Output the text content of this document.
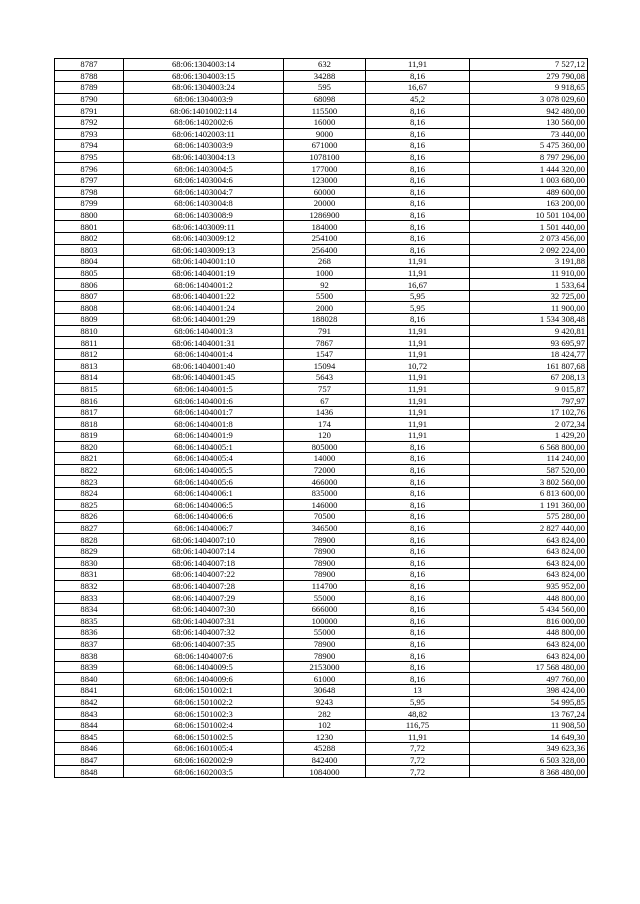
8787	68:06:1304003:14	632	11,91	7 527,12
8788	68:06:1304003:15	34288	8,16	279 790,08
8789	68:06:1304003:24	595	16,67	9 918,65
8790	68:06:1304003:9	68098	45,2	3 078 029,60
8791	68:06:1401002:114	115500	8,16	942 480,00
8792	68:06:1402002:6	16000	8,16	130 560,00
8793	68:06:1402003:11	9000	8,16	73 440,00
8794	68:06:1403003:9	671000	8,16	5 475 360,00
8795	68:06:1403004:13	1078100	8,16	8 797 296,00
8796	68:06:1403004:5	177000	8,16	1 444 320,00
8797	68:06:1403004:6	123000	8,16	1 003 680,00
8798	68:06:1403004:7	60000	8,16	489 600,00
8799	68:06:1403004:8	20000	8,16	163 200,00
8800	68:06:1403008:9	1286900	8,16	10 501 104,00
8801	68:06:1403009:11	184000	8,16	1 501 440,00
8802	68:06:1403009:12	254100	8,16	2 073 456,00
8803	68:06:1403009:13	256400	8,16	2 092 224,00
8804	68:06:1404001:10	268	11,91	3 191,88
8805	68:06:1404001:19	1000	11,91	11 910,00
8806	68:06:1404001:2	92	16,67	1 533,64
8807	68:06:1404001:22	5500	5,95	32 725,00
8808	68:06:1404001:24	2000	5,95	11 900,00
8809	68:06:1404001:29	188028	8,16	1 534 308,48
8810	68:06:1404001:3	791	11,91	9 420,81
8811	68:06:1404001:31	7867	11,91	93 695,97
8812	68:06:1404001:4	1547	11,91	18 424,77
8813	68:06:1404001:40	15094	10,72	161 807,68
8814	68:06:1404001:45	5643	11,91	67 208,13
8815	68:06:1404001:5	757	11,91	9 015,87
8816	68:06:1404001:6	67	11,91	797,97
8817	68:06:1404001:7	1436	11,91	17 102,76
8818	68:06:1404001:8	174	11,91	2 072,34
8819	68:06:1404001:9	120	11,91	1 429,20
8820	68:06:1404005:1	805000	8,16	6 568 800,00
8821	68:06:1404005:4	14000	8,16	114 240,00
8822	68:06:1404005:5	72000	8,16	587 520,00
8823	68:06:1404005:6	466000	8,16	3 802 560,00
8824	68:06:1404006:1	835000	8,16	6 813 600,00
8825	68:06:1404006:5	146000	8,16	1 191 360,00
8826	68:06:1404006:6	70500	8,16	575 280,00
8827	68:06:1404006:7	346500	8,16	2 827 440,00
8828	68:06:1404007:10	78900	8,16	643 824,00
8829	68:06:1404007:14	78900	8,16	643 824,00
8830	68:06:1404007:18	78900	8,16	643 824,00
8831	68:06:1404007:22	78900	8,16	643 824,00
8832	68:06:1404007:28	114700	8,16	935 952,00
8833	68:06:1404007:29	55000	8,16	448 800,00
8834	68:06:1404007:30	666000	8,16	5 434 560,00
8835	68:06:1404007:31	100000	8,16	816 000,00
8836	68:06:1404007:32	55000	8,16	448 800,00
8837	68:06:1404007:35	78900	8,16	643 824,00
8838	68:06:1404007:6	78900	8,16	643 824,00
8839	68:06:1404009:5	2153000	8,16	17 568 480,00
8840	68:06:1404009:6	61000	8,16	497 760,00
8841	68:06:1501002:1	30648	13	398 424,00
8842	68:06:1501002:2	9243	5,95	54 995,85
8843	68:06:1501002:3	282	48,82	13 767,24
8844	68:06:1501002:4	102	116,75	11 908,50
8845	68:06:1501002:5	1230	11,91	14 649,30
8846	68:06:1601005:4	45288	7,72	349 623,36
8847	68:06:1602002:9	842400	7,72	6 503 328,00
8848	68:06:1602003:5	1084000	7,72	8 368 480,00
